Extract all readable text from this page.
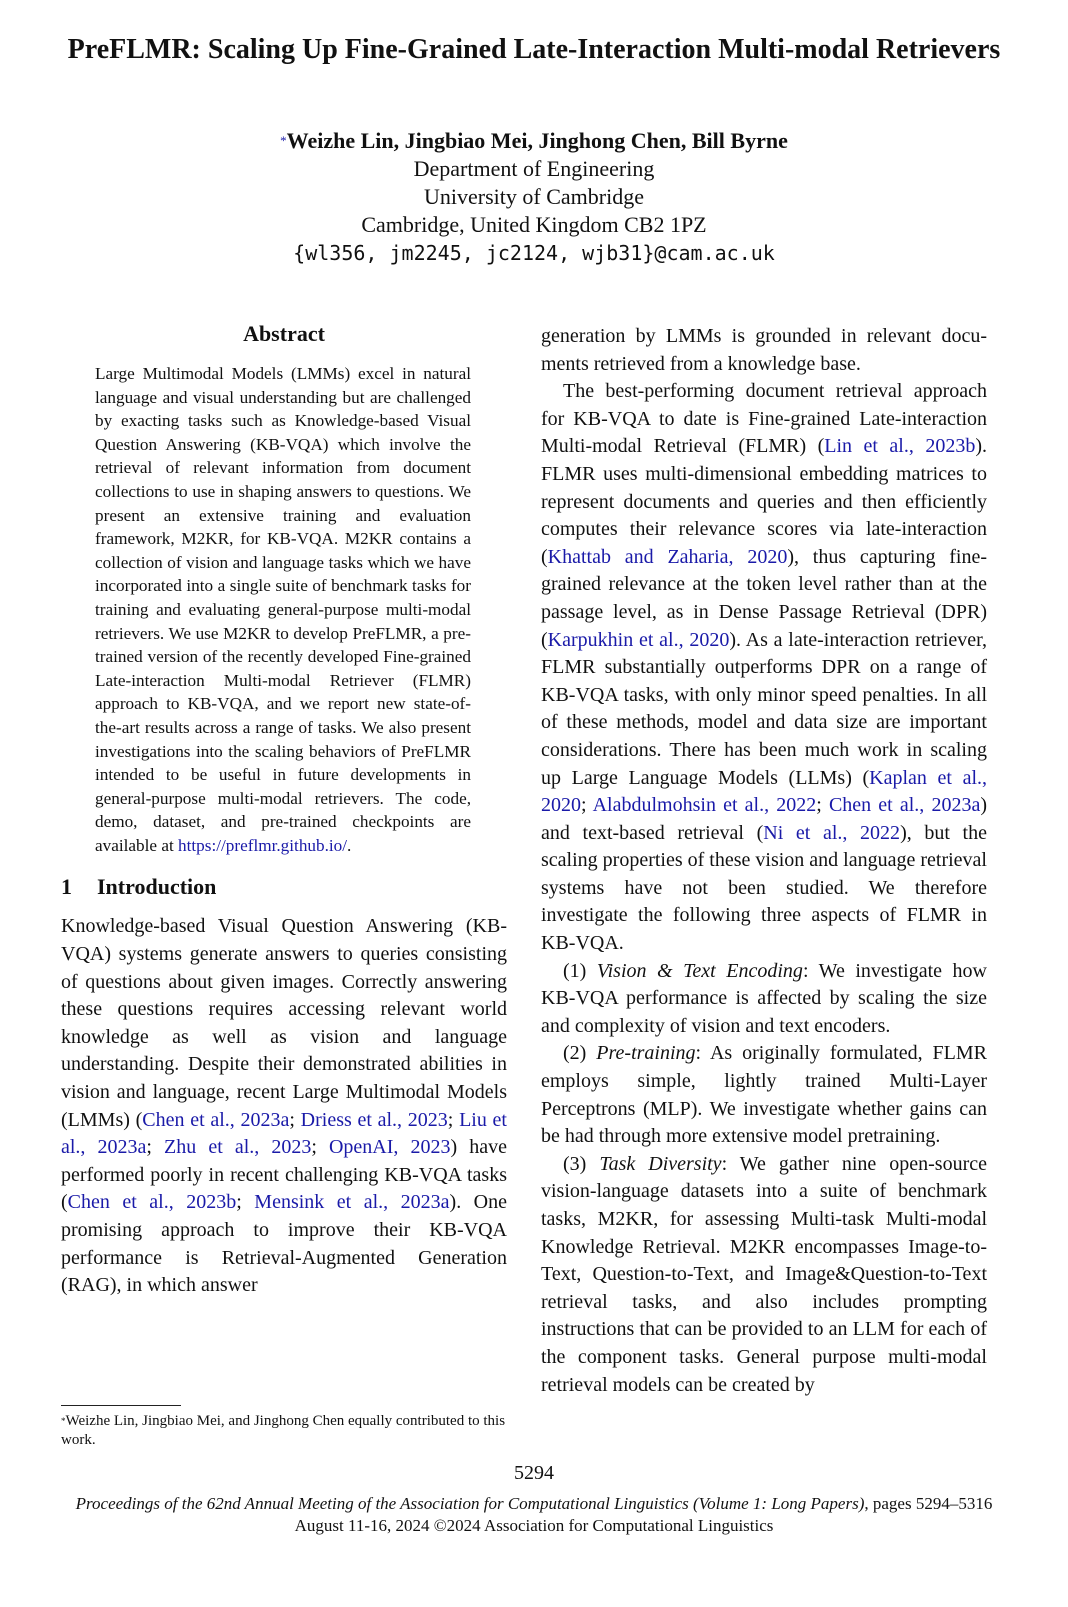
PreFLMR: Scaling Up Fine-Grained Late-Interaction Multi-modal Retrievers
*Weizhe Lin, Jingbiao Mei, Jinghong Chen, Bill Byrne
Department of Engineering
University of Cambridge
Cambridge, United Kingdom CB2 1PZ
{wl356, jm2245, jc2124, wjb31}@cam.ac.uk
Abstract
Large Multimodal Models (LMMs) excel in natural language and visual understanding but are challenged by exacting tasks such as Knowledge-based Visual Question Answering (KB-VQA) which involve the retrieval of relevant information from document collections to use in shaping answers to questions. We present an extensive training and evaluation framework, M2KR, for KB-VQA. M2KR contains a collection of vision and language tasks which we have incorporated into a single suite of benchmark tasks for training and evaluating general-purpose multi-modal retrievers. We use M2KR to develop PreFLMR, a pretrained version of the recently developed Fine-grained Late-interaction Multi-modal Retriever (FLMR) approach to KB-VQA, and we report new state-of-the-art results across a range of tasks. We also present investigations into the scaling behaviors of PreFLMR intended to be useful in future developments in general-purpose multi-modal retrievers. The code, demo, dataset, and pre-trained checkpoints are available at https://preflmr.github.io/.
1 Introduction

Knowledge-based Visual Question Answering (KB-VQA) systems generate answers to queries consisting of questions about given images. Correctly answering these questions requires accessing relevant world knowledge as well as vision and language understanding. Despite their demonstrated abilities in vision and language, recent Large Multimodal Models (LMMs) (Chen et al., 2023a; Driess et al., 2023; Liu et al., 2023a; Zhu et al., 2023; OpenAI, 2023) have performed poorly in recent challenging KB-VQA tasks (Chen et al., 2023b; Mensink et al., 2023a). One promising approach to improve their KB-VQA performance is Retrieval-Augmented Generation (RAG), in which answer

*Weizhe Lin, Jingbiao Mei, and Jinghong Chen equally contributed to this work.

generation by LMMs is grounded in relevant documents retrieved from a knowledge base.

The best-performing document retrieval approach for KB-VQA to date is Fine-grained Late-interaction Multi-modal Retrieval (FLMR) (Lin et al., 2023b). FLMR uses multi-dimensional embedding matrices to represent documents and queries and then efficiently computes their relevance scores via late-interaction (Khattab and Zaharia, 2020), thus capturing fine-grained relevance at the token level rather than at the passage level, as in Dense Passage Retrieval (DPR) (Karpukhin et al., 2020). As a late-interaction retriever, FLMR substantially outperforms DPR on a range of KB-VQA tasks, with only minor speed penalties. In all of these methods, model and data size are important considerations. There has been much work in scaling up Large Language Models (LLMs) (Kaplan et al., 2020; Alabdulmohsin et al., 2022; Chen et al., 2023a) and text-based retrieval (Ni et al., 2022), but the scaling properties of these vision and language retrieval systems have not been studied. We therefore investigate the following three aspects of FLMR in KB-VQA.

(1) Vision & Text Encoding: We investigate how KB-VQA performance is affected by scaling the size and complexity of vision and text encoders.

(2) Pre-training: As originally formulated, FLMR employs simple, lightly trained Multi-Layer Perceptrons (MLP). We investigate whether gains can be had through more extensive model pretraining.

(3) Task Diversity: We gather nine open-source vision-language datasets into a suite of benchmark tasks, M2KR, for assessing Multi-task Multi-modal Knowledge Retrieval. M2KR encompasses Image-to-Text, Question-to-Text, and Image&Question-to-Text retrieval tasks, and also includes prompting instructions that can be provided to an LLM for each of the component tasks. General purpose multi-modal retrieval models can be created by

5294
Proceedings of the 62nd Annual Meeting of the Association for Computational Linguistics (Volume 1: Long Papers), pages 5294–5316
August 11-16, 2024 ©2024 Association for Computational Linguistics
